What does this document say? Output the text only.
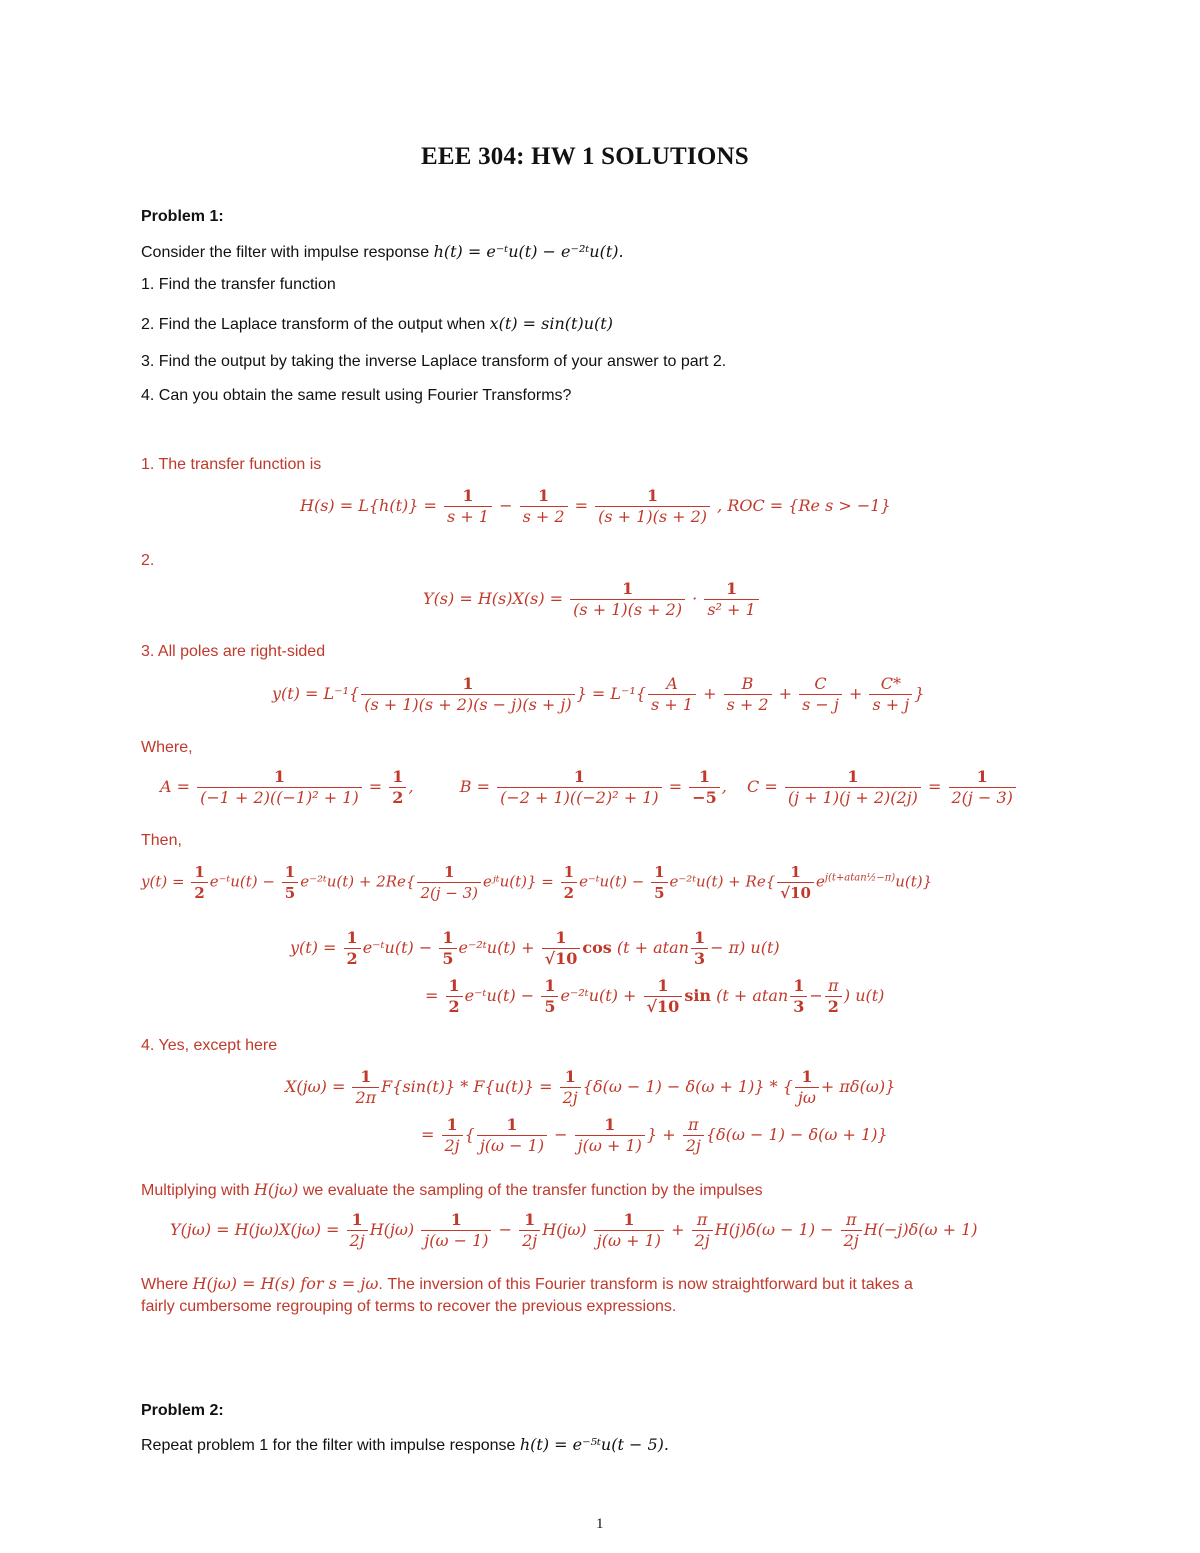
EEE 304: HW 1 SOLUTIONS
Problem 1:
Consider the filter with impulse response h(t) = e⁻ᵗu(t) − e⁻²ᵗu(t).
1. Find the transfer function
2. Find the Laplace transform of the output when x(t) = sin(t)u(t)
3. Find the output by taking the inverse Laplace transform of your answer to part 2.
4. Can you obtain the same result using Fourier Transforms?
1. The transfer function is
$H(s) = L\{h(t)\} = \frac{1}{s + 1} - \frac{1}{s + 2} = \frac{1}{(s + 1)(s + 2)}$ , ROC = {Re s > −1}
2.
$Y(s) = H(s)X(s) = \frac{1}{(s + 1)(s + 2)} \cdot \frac{1}{\text{s² + 1}}$
3. All poles are right-sided
$y(t) = L^{-1}\{ \frac{1}{(s + 1)(s + 2)(s - j)(s + j)}$ } = $L^{-1}\{ \frac{A}{s + 1} + \frac{B}{s + 2} + \frac{C}{s - j} + \frac{C*}{s + j}$ }
Where,
$A = \frac{1}{\text{(−1 + 2)((−1)² + 1)}} = \frac{1}{2}$ ,	$B = \frac{1}{\text{(−2 + 1)((−2)² + 1)}} = \frac{1}{-5}$ , $C = \frac{1}{(j + 1)(j + 2)(2j)} = \frac{1}{2(j - 3)}$
Then,
$y(t) = \frac{1}{2}$ e⁻ᵗu(t) − $\frac{1}{5}$ e⁻²ᵗu(t) + $2Re\{ \frac{1}{2(j - 3)}$ eʲᵗu(t)} = $\frac{1}{2}$ e⁻ᵗu(t) − $\frac{1}{5}$ e⁻²ᵗu(t) + $Re\{ \frac{1}{√10} e^{j(t+atan\frac{1}{2}-\pi)}u(t)\}$
$y(t) = \frac{1}{2}$ e⁻ᵗu(t) − $\frac{1}{5}$ e⁻²ᵗu(t) + $\frac{1}{√10}$ cos (t + atan $\frac{1}{3} - \pi$) u(t)
= $\frac{1}{2}$ e⁻ᵗu(t) − $\frac{1}{5}$ e⁻²ᵗu(t) + $\frac{1}{√10}$ sin (t + atan $\frac{1}{3} - \frac{\pi}{2}$ ) u(t)
4. Yes, except here
$X(j\omega) = \frac{1}{2\pi} F\{\sin(t)\} * F\{u(t)\} = \frac{1}{2j} \{\delta(\omega - 1) - \delta(\omega + 1)\}$ * { $\frac{1}{j\omega} + \pi\delta(\omega)$}
= $\frac{1}{2j}$ { $\frac{1}{j(\omega - 1)} - \frac{1}{j(\omega + 1)}$ } + $\frac{\pi}{2j} \{\delta(\omega - 1) - \delta(\omega + 1)\}$
Multiplying with H(jω) we evaluate the sampling of the transfer function by the impulses
$Y(j\omega) = H(j\omega)X(j\omega) = \frac{1}{2j} H(j\omega) \frac{1}{j(\omega - 1)} - \frac{1}{2j} H(j\omega) \frac{1}{j(\omega + 1)} + \frac{\pi}{2j} H(j)\delta(\omega - 1) - \frac{\pi}{2j} H(-j)\delta(\omega + 1)$
Where H(jω) = H(s) for s = jω. The inversion of this Fourier transform is now straightforward but it takes a
fairly cumbersome regrouping of terms to recover the previous expressions.
Problem 2:
Repeat problem 1 for the filter with impulse response h(t) = e⁻⁵ᵗu(t − 5).
1
